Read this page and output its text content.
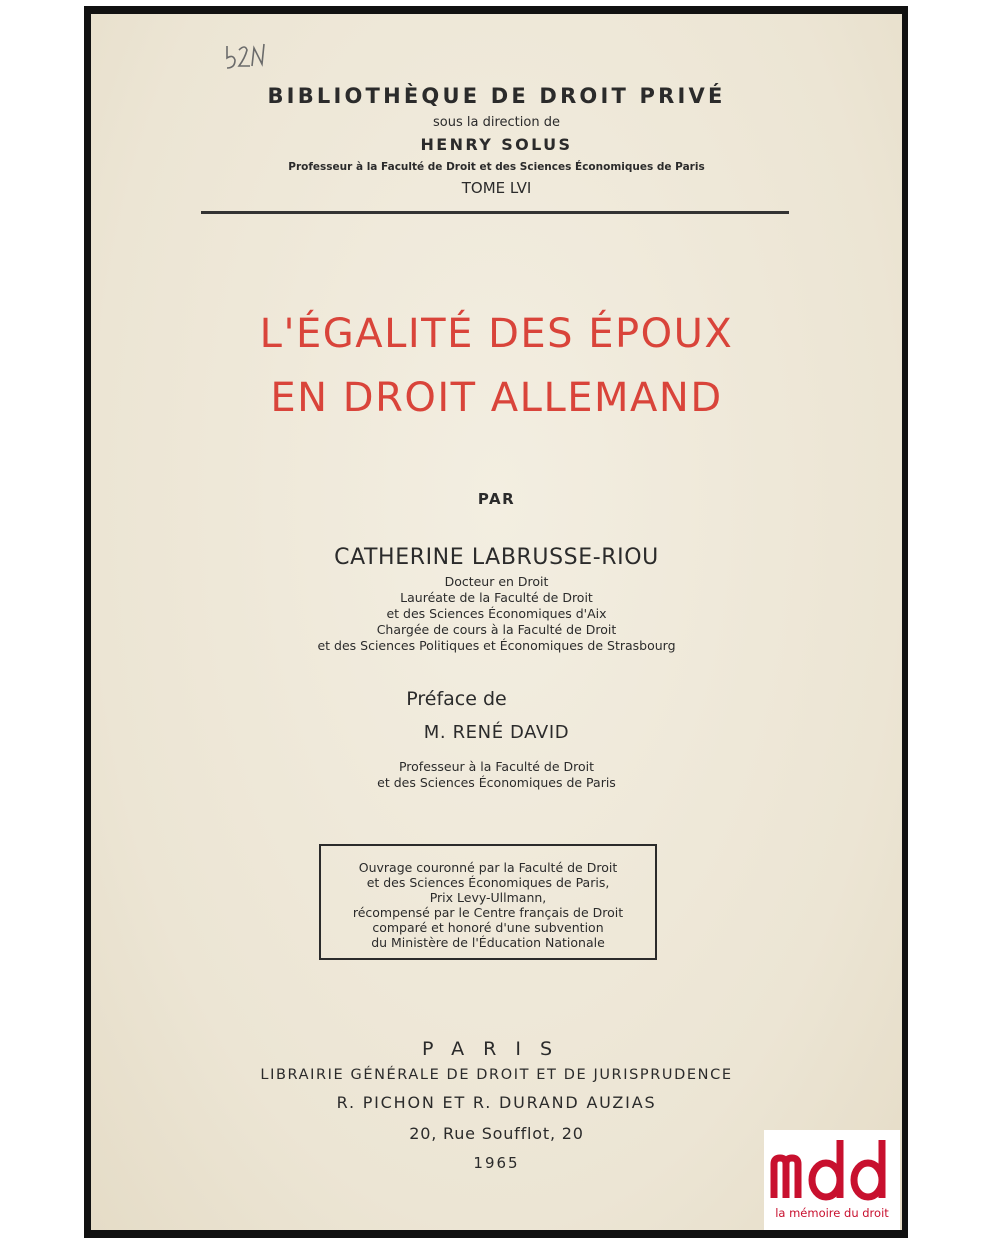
BIBLIOTHÈQUE DE DROIT PRIVÉ
sous la direction de
HENRY SOLUS
Professeur à la Faculté de Droit et des Sciences Économiques de Paris
TOME LVI
L'ÉGALITÉ DES ÉPOUX
EN DROIT ALLEMAND
PAR
CATHERINE LABRUSSE-RIOU
Docteur en Droit
Lauréate de la Faculté de Droit
et des Sciences Économiques d'Aix
Chargée de cours à la Faculté de Droit
et des Sciences Politiques et Économiques de Strasbourg
Préface de
M. RENÉ DAVID
Professeur à la Faculté de Droit
et des Sciences Économiques de Paris
Ouvrage couronné par la Faculté de Droit
et des Sciences Économiques de Paris,
Prix Levy-Ullmann,
récompensé par le Centre français de Droit
comparé et honoré d'une subvention
du Ministère de l'Éducation Nationale
PARIS
LIBRAIRIE GÉNÉRALE DE DROIT ET DE JURISPRUDENCE
R. PICHON ET R. DURAND AUZIAS
20, Rue Soufflot, 20
1965
la mémoire du droit
